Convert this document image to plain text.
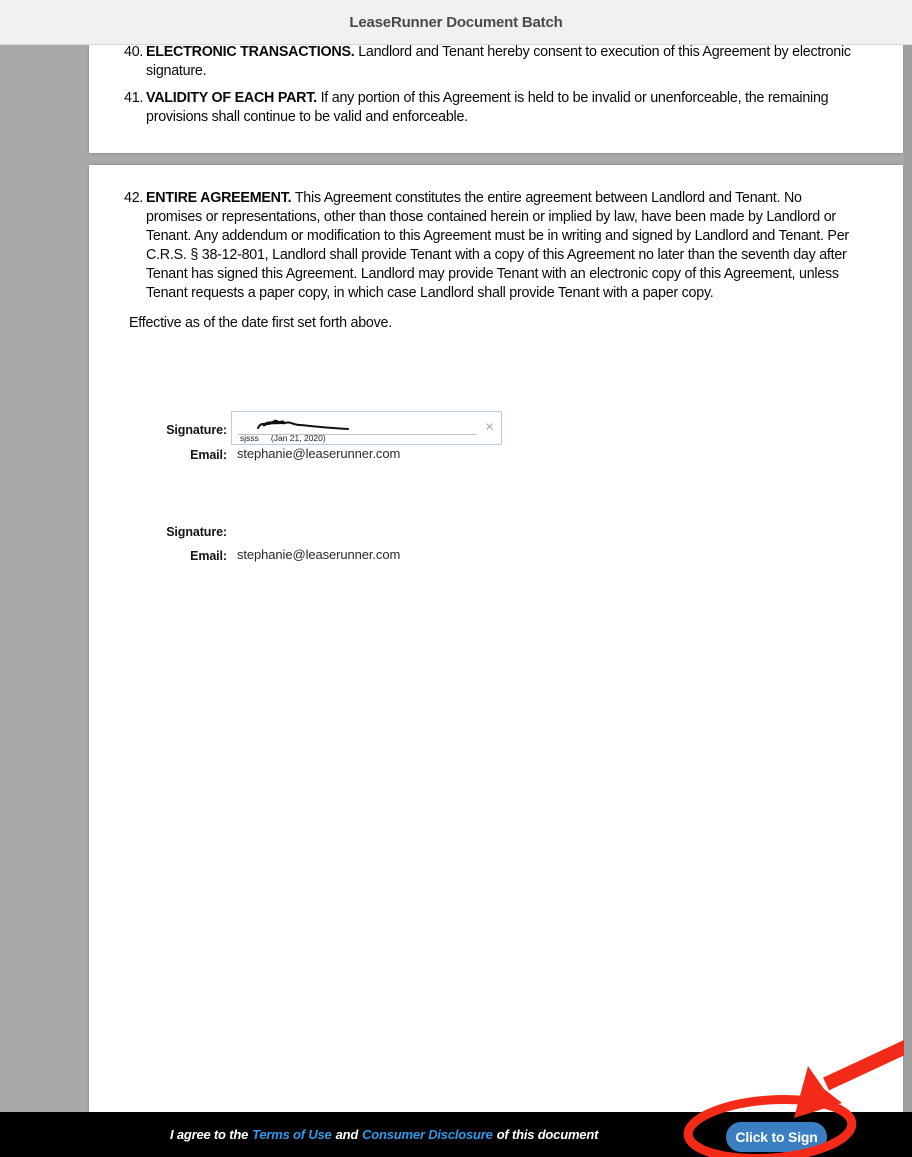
LeaseRunner Document Batch
40. ELECTRONIC TRANSACTIONS. Landlord and Tenant hereby consent to execution of this Agreement by electronic signature.
41. VALIDITY OF EACH PART. If any portion of this Agreement is held to be invalid or unenforceable, the remaining provisions shall continue to be valid and enforceable.
42. ENTIRE AGREEMENT. This Agreement constitutes the entire agreement between Landlord and Tenant. No promises or representations, other than those contained herein or implied by law, have been made by Landlord or Tenant. Any addendum or modification to this Agreement must be in writing and signed by Landlord and Tenant. Per C.R.S. § 38-12-801, Landlord shall provide Tenant with a copy of this Agreement no later than the seventh day after Tenant has signed this Agreement. Landlord may provide Tenant with an electronic copy of this Agreement, unless Tenant requests a paper copy, in which case Landlord shall provide Tenant with a paper copy.

Effective as of the date first set forth above.

Signature:
sjsss (Jan 21, 2020)
×
Email: stephanie@leaserunner.com
Signature:
Email: stephanie@leaserunner.com
I agree to the Terms of Use and Consumer Disclosure of this document	Click to Sign
